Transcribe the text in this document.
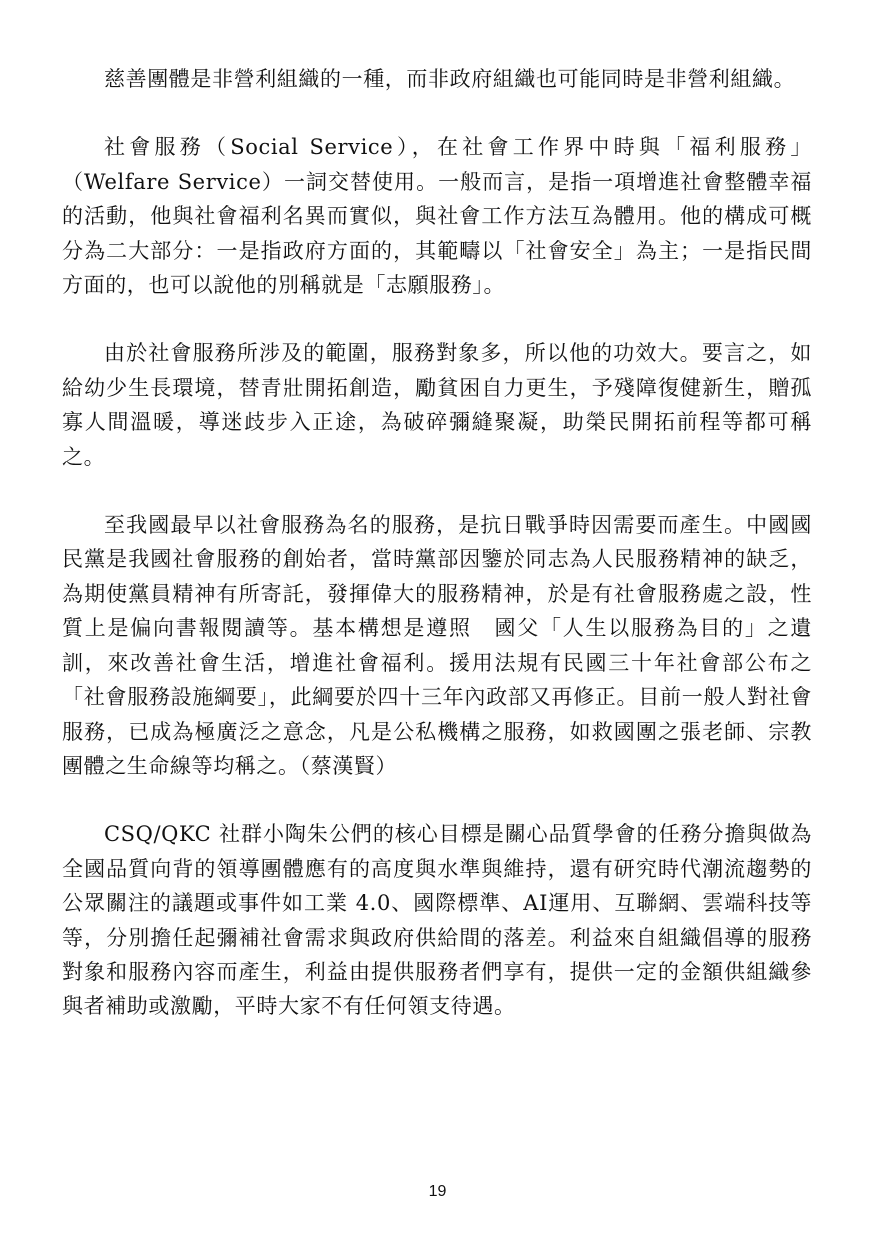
慈善團體是非營利組織的一種，而非政府組織也可能同時是非營利組織。

社會服務（Social Service），在社會工作界中時與「福利服務」（Welfare Service）一詞交替使用。一般而言，是指一項增進社會整體幸福的活動，他與社會福利名異而實似，與社會工作方法互為體用。他的構成可概分為二大部分：一是指政府方面的，其範疇以「社會安全」為主；一是指民間方面的，也可以說他的別稱就是「志願服務」。

由於社會服務所涉及的範圍，服務對象多，所以他的功效大。要言之，如給幼少生長環境，替青壯開拓創造，勵貧困自力更生，予殘障復健新生，贈孤寡人間溫暖，導迷歧步入正途，為破碎彌縫聚凝，助榮民開拓前程等都可稱之。

至我國最早以社會服務為名的服務，是抗日戰爭時因需要而產生。中國國民黨是我國社會服務的創始者，當時黨部因鑒於同志為人民服務精神的缺乏，為期使黨員精神有所寄託，發揮偉大的服務精神，於是有社會服務處之設，性質上是偏向書報閱讀等。基本構想是遵照　國父「人生以服務為目的」之遺訓，來改善社會生活，增進社會福利。援用法規有民國三十年社會部公布之「社會服務設施綱要」，此綱要於四十三年內政部又再修正。目前一般人對社會服務，已成為極廣泛之意念，凡是公私機構之服務，如救國團之張老師、宗教團體之生命線等均稱之。（蔡漢賢）

CSQ/QKC 社群小陶朱公們的核心目標是關心品質學會的任務分擔與做為全國品質向背的領導團體應有的高度與水準與維持，還有研究時代潮流趨勢的公眾關注的議題或事件如工業 4.0、國際標準、AI運用、互聯網、雲端科技等等，分別擔任起彌補社會需求與政府供給間的落差。利益來自組織倡導的服務對象和服務內容而產生，利益由提供服務者們享有，提供一定的金額供組織參與者補助或激勵，平時大家不有任何領支待遇。

19
